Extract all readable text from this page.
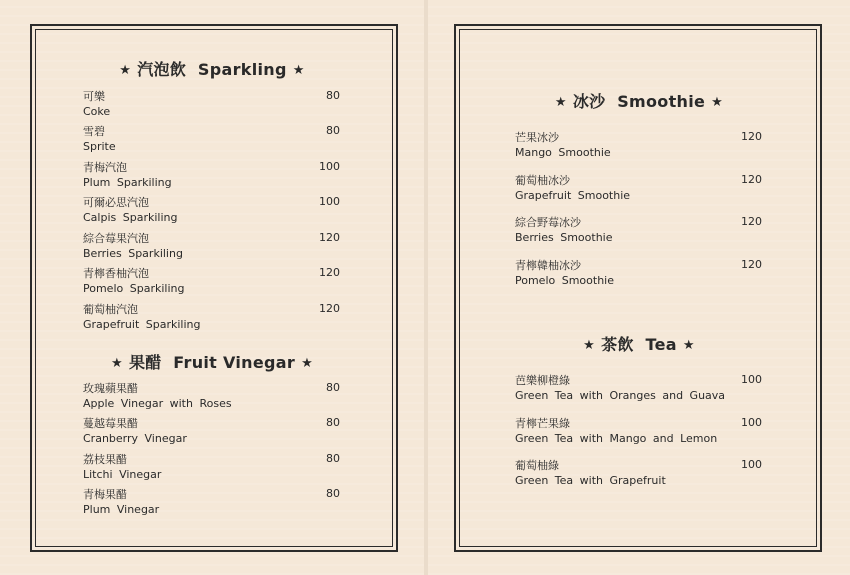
★ 汽泡飲 Sparkling ★
可樂
Coke
80
雪碧
Sprite
80
青梅汽泡
Plum Sparkiling
100
可爾必思汽泡
Calpis Sparkiling
100
綜合莓果汽泡
Berries Sparkiling
120
青檸香柚汽泡
Pomelo Sparkiling
120
葡萄柚汽泡
Grapefruit Sparkiling
120
★ 果醋 Fruit Vinegar ★
玫瑰蘋果醋
Apple Vinegar with Roses
80
蔓越莓果醋
Cranberry Vinegar
80
荔枝果醋
Litchi Vinegar
80
青梅果醋
Plum Vinegar
80
★ 冰沙 Smoothie ★
芒果冰沙
Mango Smoothie
120
葡萄柚冰沙
Grapefruit Smoothie
120
綜合野莓冰沙
Berries Smoothie
120
青檸韓柚冰沙
Pomelo Smoothie
120
★ 茶飲 Tea ★
芭樂柳橙綠
Green Tea with Oranges and Guava
100
青檸芒果綠
Green Tea with Mango and Lemon
100
葡萄柚綠
Green Tea with Grapefruit
100
